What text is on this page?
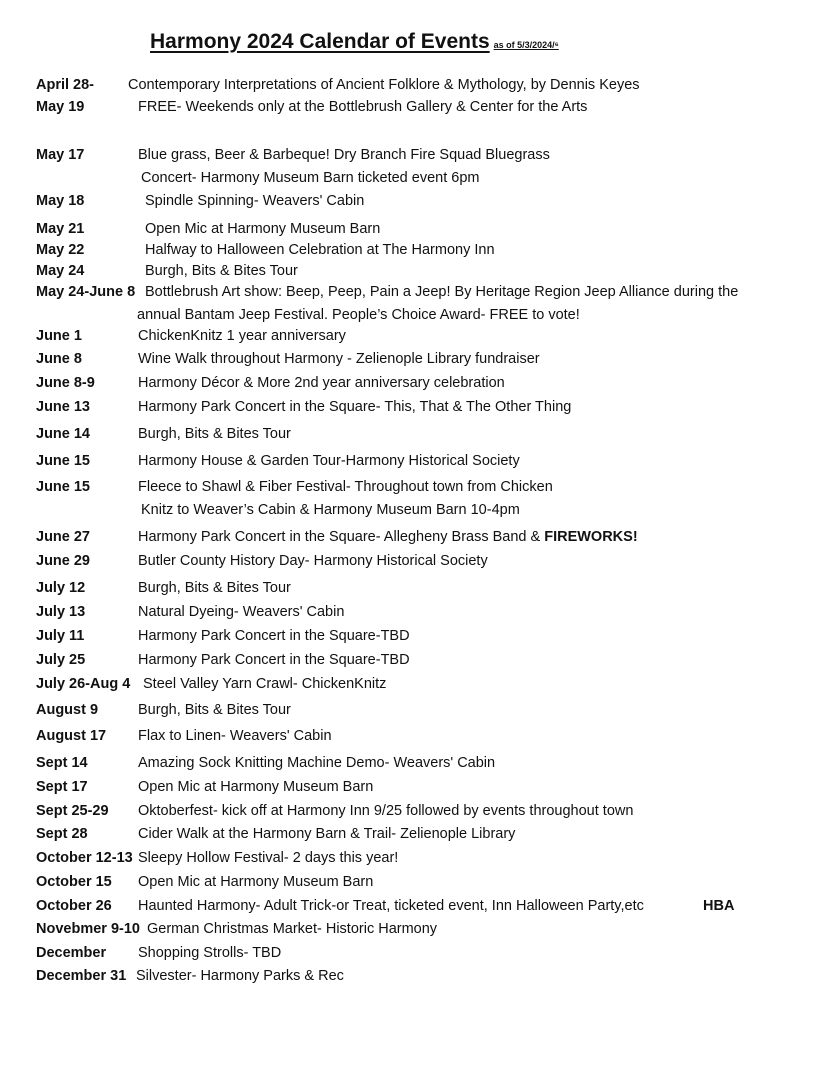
Harmony 2024 Calendar of Events as of 5/3/2024/⁶
April 28- Contemporary Interpretations of Ancient Folklore & Mythology, by Dennis Keyes
May 19	FREE- Weekends only at the Bottlebrush Gallery & Center for the Arts
May 17	Blue grass, Beer & Barbeque! Dry Branch Fire Squad Bluegrass
Concert- Harmony Museum Barn ticketed event 6pm
May 18	Spindle Spinning- Weavers' Cabin
May 21	Open Mic at Harmony Museum Barn
May 22	Halfway to Halloween Celebration at The Harmony Inn
May 24	Burgh, Bits & Bites Tour
May 24-June 8 Bottlebrush Art show: Beep, Peep, Pain a Jeep! By Heritage Region Jeep Alliance during the
annual Bantam Jeep Festival. People’s Choice Award- FREE to vote!
June 1	ChickenKnitz 1 year anniversary
June 8	Wine Walk throughout Harmony - Zelienople Library fundraiser
June 8-9	Harmony Décor & More 2nd year anniversary celebration
June 13	Harmony Park Concert in the Square- This, That & The Other Thing
June 14	Burgh, Bits & Bites Tour
June 15	Harmony House & Garden Tour-Harmony Historical Society
June 15	Fleece to Shawl & Fiber Festival- Throughout town from Chicken
Knitz to Weaver’s Cabin & Harmony Museum Barn 10-4pm
June 27	Harmony Park Concert in the Square- Allegheny Brass Band & FIREWORKS!
June 29	Butler County History Day- Harmony Historical Society
July 12	Burgh, Bits & Bites Tour
July 13	Natural Dyeing- Weavers' Cabin
July 11	Harmony Park Concert in the Square-TBD
July 25	Harmony Park Concert in the Square-TBD
July 26-Aug 4 Steel Valley Yarn Crawl- ChickenKnitz
August 9	Burgh, Bits & Bites Tour
August 17 Flax to Linen- Weavers' Cabin
Sept 14	Amazing Sock Knitting Machine Demo- Weavers' Cabin
Sept 17	Open Mic at Harmony Museum Barn
Sept 25-29 Oktoberfest- kick off at Harmony Inn 9/25 followed by events throughout town
Sept 28	Cider Walk at the Harmony Barn & Trail- Zelienople Library
October 12-13 Sleepy Hollow Festival- 2 days this year!
October 15 Open Mic at Harmony Museum Barn
October 26 Haunted Harmony- Adult Trick-or Treat, ticketed event, Inn Halloween Party,etc	HBA
Novebmer 9-10 German Christmas Market- Historic Harmony
December Shopping Strolls- TBD
December 31 Silvester- Harmony Parks & Rec
